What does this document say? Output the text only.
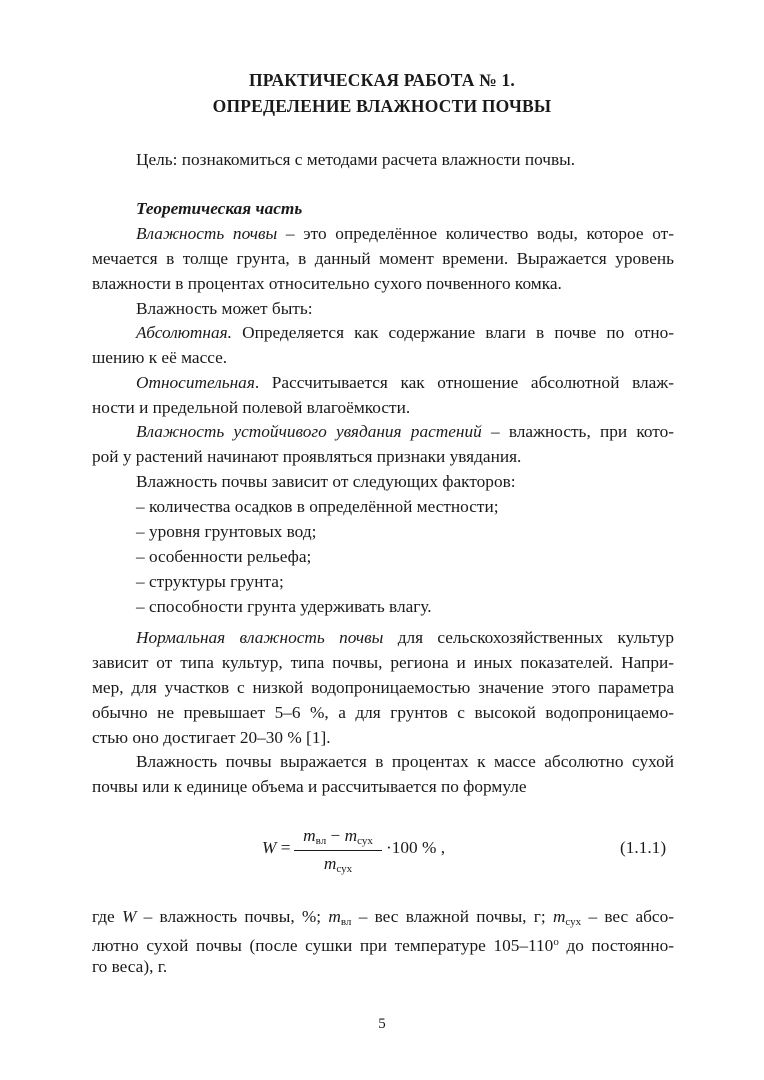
ПРАКТИЧЕСКАЯ РАБОТА № 1.
ОПРЕДЕЛЕНИЕ ВЛАЖНОСТИ ПОЧВЫ
Цель: познакомиться с методами расчета влажности почвы.
Теоретическая часть
Влажность почвы – это определённое количество воды, которое от-
мечается в толще грунта, в данный момент времени. Выражается уровень
влажности в процентах относительно сухого почвенного комка.
Влажность может быть:
Абсолютная. Определяется как содержание влаги в почве по отно-
шению к её массе.
Относительная. Рассчитывается как отношение абсолютной влаж-
ности и предельной полевой влагоёмкости.
Влажность устойчивого увядания растений – влажность, при кото-
рой у растений начинают проявляться признаки увядания.
Влажность почвы зависит от следующих факторов:
– количества осадков в определённой местности;
– уровня грунтовых вод;
– особенности рельефа;
– структуры грунта;
– способности грунта удерживать влагу.
Нормальная влажность почвы для сельскохозяйственных культур
зависит от типа культур, типа почвы, региона и иных показателей. Напри-
мер, для участков с низкой водопроницаемостью значение этого параметра
обычно не превышает 5–6 %, а для грунтов с высокой водопроницаемо-
стью оно достигает 20–30 % [1].
Влажность почвы выражается в процентах к массе абсолютно сухой
почвы или к единице объема и рассчитывается по формуле
W =
$m_{вл} - m_{сух}$
$m_{сух}$
·100 % ,	(1.1.1)
где W – влажность почвы, %; $m_{вл}$ – вес влажной почвы, г; $m_{сух}$ – вес абсо-
лютно сухой почвы (после сушки при температуре $105-110^о$ до постоянно-
го веса), г.
5
